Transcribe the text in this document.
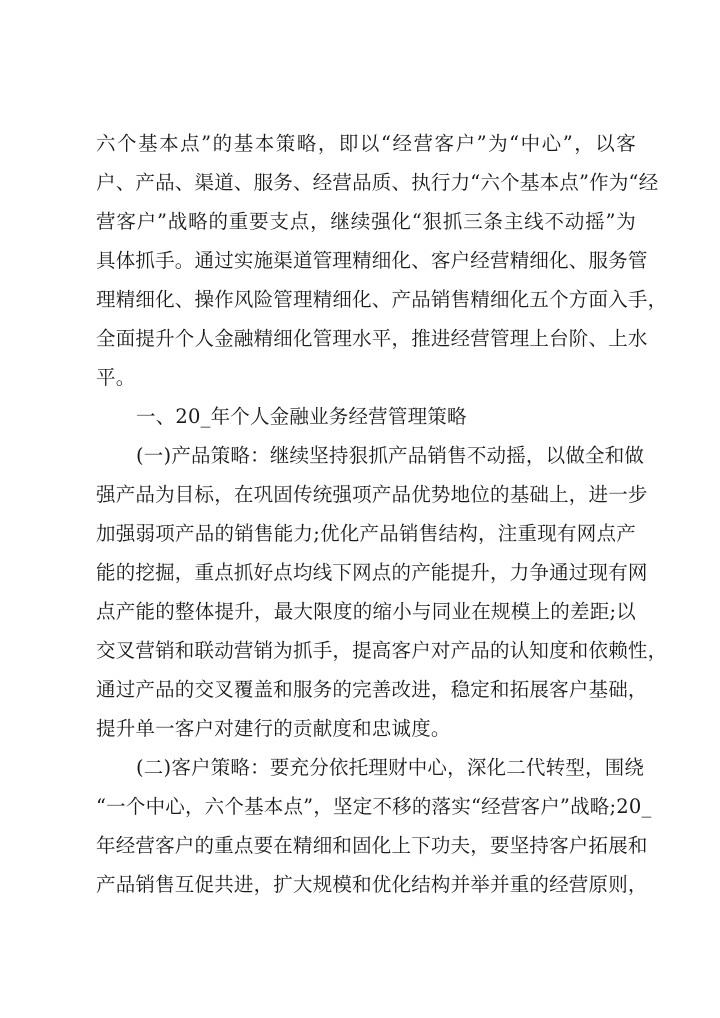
六个基本点”的基本策略，即以“经营客户”为“中心”，以客
户、产品、渠道、服务、经营品质、执行力“六个基本点”作为“经
营客户”战略的重要支点，继续强化“狠抓三条主线不动摇”为
具体抓手。通过实施渠道管理精细化、客户经营精细化、服务管
理精细化、操作风险管理精细化、产品销售精细化五个方面入手，
全面提升个人金融精细化管理水平，推进经营管理上台阶、上水
平。
一、20_年个人金融业务经营管理策略
(一)产品策略：继续坚持狠抓产品销售不动摇，以做全和做
强产品为目标，在巩固传统强项产品优势地位的基础上，进一步
加强弱项产品的销售能力;优化产品销售结构，注重现有网点产
能的挖掘，重点抓好点均线下网点的产能提升，力争通过现有网
点产能的整体提升，最大限度的缩小与同业在规模上的差距;以
交叉营销和联动营销为抓手，提高客户对产品的认知度和依赖性，
通过产品的交叉覆盖和服务的完善改进，稳定和拓展客户基础，
提升单一客户对建行的贡献度和忠诚度。
(二)客户策略：要充分依托理财中心，深化二代转型，围绕
“一个中心，六个基本点”，坚定不移的落实“经营客户”战略;20_
年经营客户的重点要在精细和固化上下功夫，要坚持客户拓展和
产品销售互促共进，扩大规模和优化结构并举并重的经营原则，
